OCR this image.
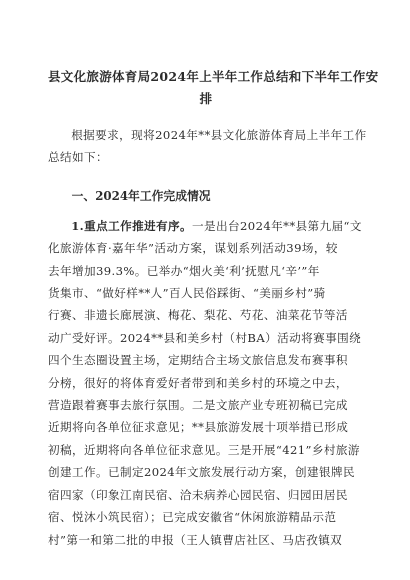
县文化旅游体育局2024年上半年工作总结和下半年工作安
排

根据要求，现将2024年**县文化旅游体育局上半年工作
总结如下：

一、2024年工作完成情况

1.重点工作推进有序。一是出台2024年**县第九届“文
化旅游体育·嘉年华”活动方案，谋划系列活动39场，较
去年增加39.3%。已举办“烟火美‘利’抚慰凡‘辛’”年
货集市、“做好样**人”百人民俗踩街、“美丽乡村”骑
行赛、非遗长廊展演、梅花、梨花、芍花、油菜花节等活
动广受好评。2024**县和美乡村（村BA）活动将赛事围绕
四个生态圈设置主场，定期结合主场文旅信息发布赛事积
分榜，很好的将体育爱好者带到和美乡村的环境之中去，
营造跟着赛事去旅行氛围。二是文旅产业专班初稿已完成
近期将向各单位征求意见；**县旅游发展十项举措已形成
初稿，近期将向各单位征求意见。三是开展“421”乡村旅游
创建工作。已制定2024年文旅发展行动方案，创建银牌民
宿四家（印象江南民宿、洽未病养心园民宿、归园田居民
宿、悦沐小筑民宿）；已完成安徽省“休闲旅游精品示范
村”第一和第二批的申报（王人镇曹店社区、马店孜镇双
